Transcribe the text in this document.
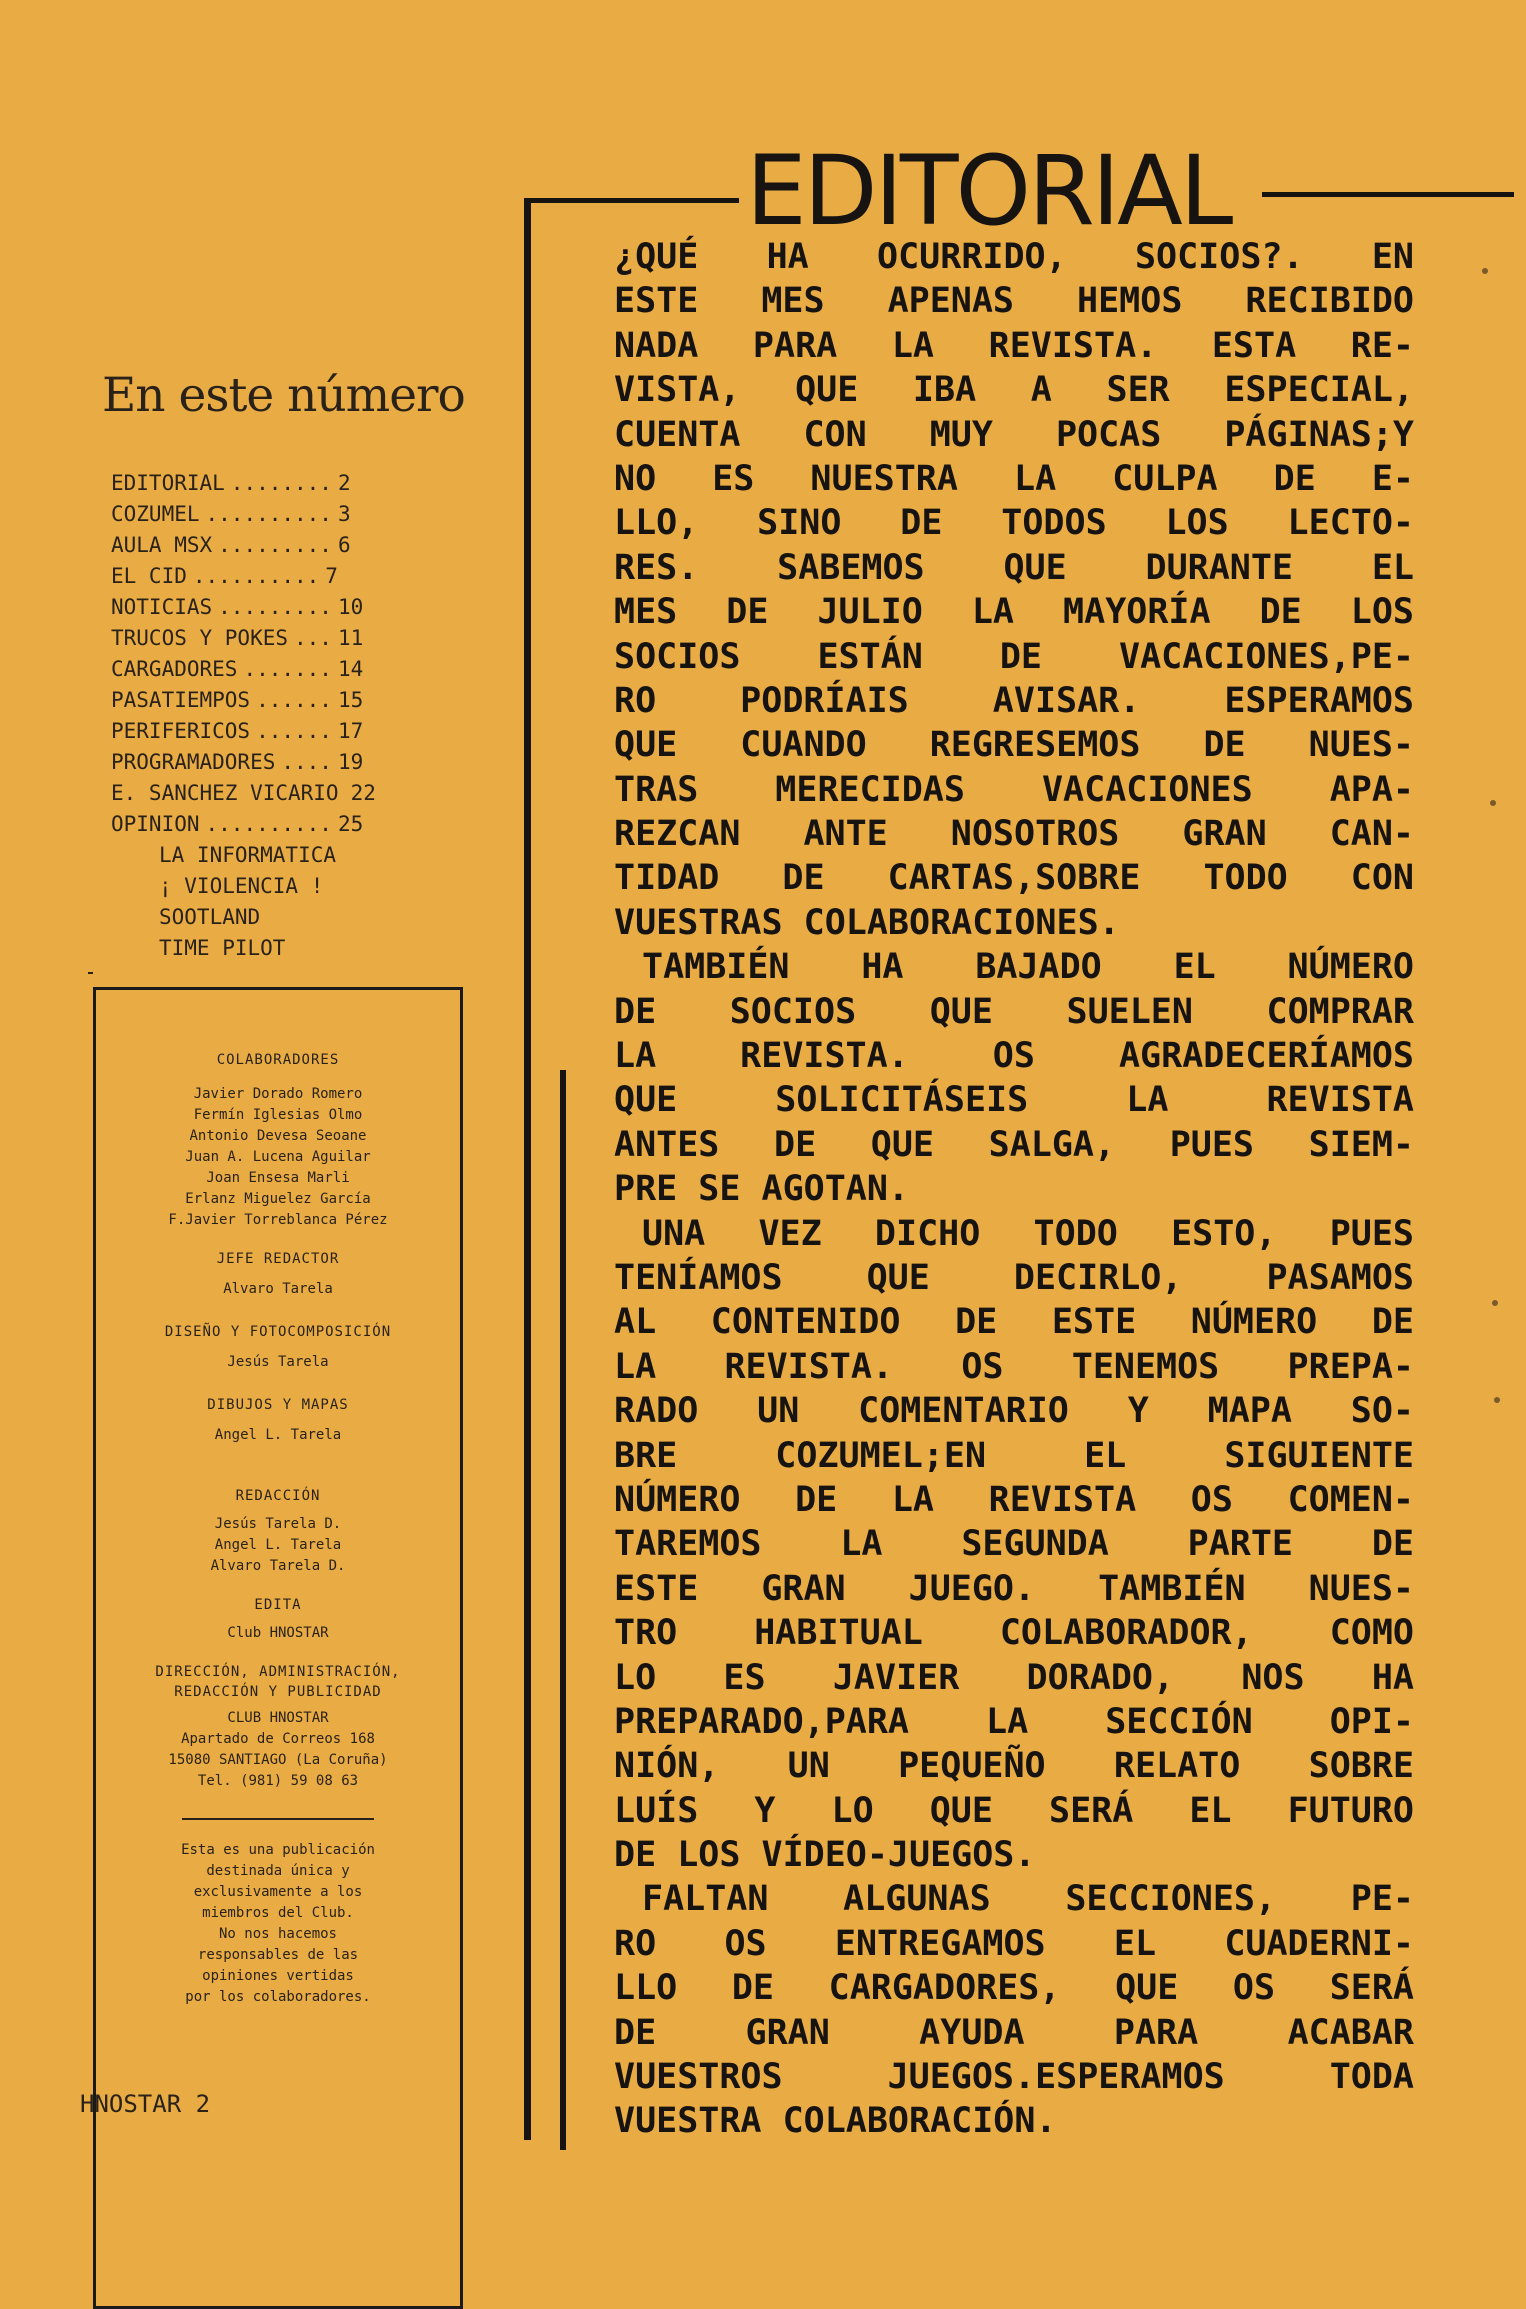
En este número
EDITORIAL ........ 2
COZUMEL .......... 3
AULA MSX ......... 6
EL CID .......... 7
NOTICIAS ......... 10
TRUCOS Y POKES ... 11
CARGADORES ....... 14
PASATIEMPOS ...... 15
PERIFERICOS ...... 17
PROGRAMADORES .... 19
E. SANCHEZ VICARIO 22
OPINION .......... 25
LA INFORMATICA
¡ VIOLENCIA !
SOOTLAND
TIME PILOT
COLABORADORES
Javier Dorado Romero
Fermín Iglesias Olmo
Antonio Devesa Seoane
Juan A. Lucena Aguilar
Joan Ensesa Marli
Erlanz Miguelez García
F.Javier Torreblanca Pérez
JEFE REDACTOR
Alvaro Tarela
DISEÑO Y FOTOCOMPOSICIÓN
Jesús Tarela
DIBUJOS Y MAPAS
Angel L. Tarela
REDACCIÓN
Jesús Tarela D.
Angel L. Tarela
Alvaro Tarela D.
EDITA
Club HNOSTAR
DIRECCIÓN, ADMINISTRACIÓN,
REDACCIÓN Y PUBLICIDAD
CLUB HNOSTAR
Apartado de Correos 168
15080 SANTIAGO (La Coruña)
Tel. (981) 59 08 63
Esta es una publicación
destinada única y
exclusivamente a los
miembros del Club.
No nos hacemos
responsables de las
opiniones vertidas
por los colaboradores.
HNOSTAR 2
EDITORIAL
¿QUÉ HA OCURRIDO, SOCIOS?. EN
ESTE MES APENAS HEMOS RECIBIDO
NADA PARA LA REVISTA. ESTA RE-
VISTA, QUE IBA A SER ESPECIAL,
CUENTA CON MUY POCAS PÁGINAS;Y
NO ES NUESTRA LA CULPA DE E-
LLO, SINO DE TODOS LOS LECTO-
RES. SABEMOS QUE DURANTE EL
MES DE JULIO LA MAYORÍA DE LOS
SOCIOS ESTÁN DE VACACIONES,PE-
RO PODRÍAIS AVISAR. ESPERAMOS
QUE CUANDO REGRESEMOS DE NUES-
TRAS MERECIDAS VACACIONES APA-
REZCAN ANTE NOSOTROS GRAN CAN-
TIDAD DE CARTAS,SOBRE TODO CON
VUESTRAS COLABORACIONES.
TAMBIÉN HA BAJADO EL NÚMERO
DE SOCIOS QUE SUELEN COMPRAR
LA REVISTA. OS AGRADECERÍAMOS
QUE SOLICITÁSEIS LA REVISTA
ANTES DE QUE SALGA, PUES SIEM-
PRE SE AGOTAN.
UNA VEZ DICHO TODO ESTO, PUES
TENÍAMOS QUE DECIRLO, PASAMOS
AL CONTENIDO DE ESTE NÚMERO DE
LA REVISTA. OS TENEMOS PREPA-
RADO UN COMENTARIO Y MAPA SO-
BRE COZUMEL;EN EL SIGUIENTE
NÚMERO DE LA REVISTA OS COMEN-
TAREMOS LA SEGUNDA PARTE DE
ESTE GRAN JUEGO. TAMBIÉN NUES-
TRO HABITUAL COLABORADOR, COMO
LO ES JAVIER DORADO, NOS HA
PREPARADO,PARA LA SECCIÓN OPI-
NIÓN, UN PEQUEÑO RELATO SOBRE
LUÍS Y LO QUE SERÁ EL FUTURO
DE LOS VÍDEO-JUEGOS.
FALTAN ALGUNAS SECCIONES, PE-
RO OS ENTREGAMOS EL CUADERNI-
LLO DE CARGADORES, QUE OS SERÁ
DE GRAN AYUDA PARA ACABAR
VUESTROS JUEGOS.ESPERAMOS TODA
VUESTRA COLABORACIÓN.
